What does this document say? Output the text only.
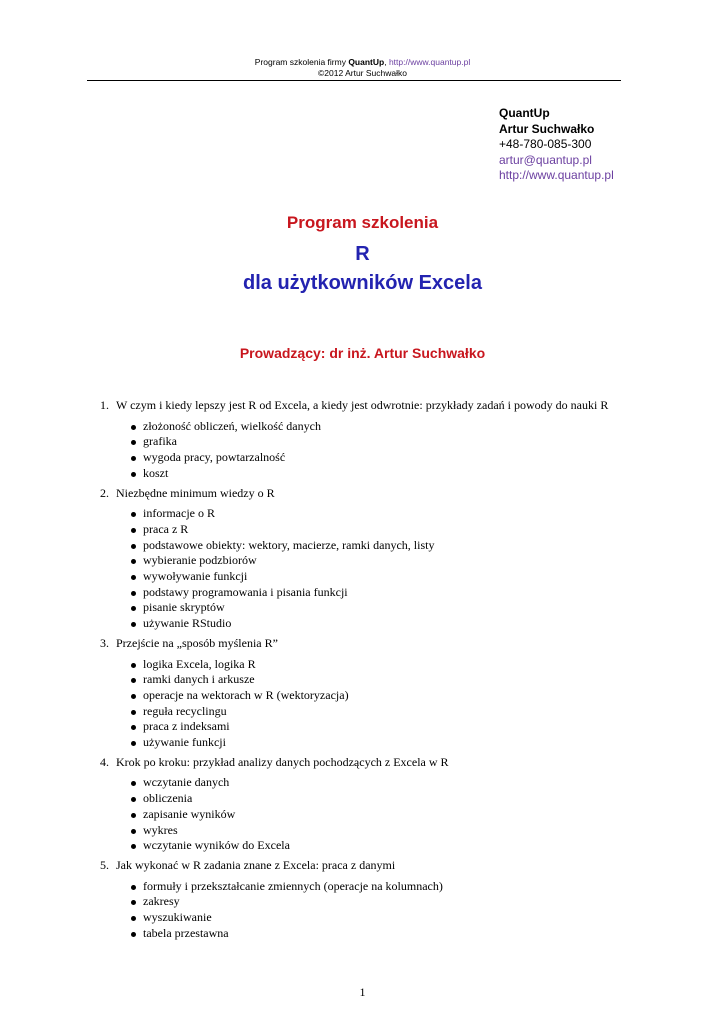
Program szkolenia firmy QuantUp, http://www.quantup.pl
©2012 Artur Suchwałko
QuantUp
Artur Suchwałko
+48-780-085-300
artur@quantup.pl
http://www.quantup.pl
Program szkolenia
R
dla użytkowników Excela
Prowadzący: dr inż. Artur Suchwałko
1. W czym i kiedy lepszy jest R od Excela, a kiedy jest odwrotnie: przykłady zadań i powody do nauki R
złożoność obliczeń, wielkość danych
grafika
wygoda pracy, powtarzalność
koszt
2. Niezbędne minimum wiedzy o R
informacje o R
praca z R
podstawowe obiekty: wektory, macierze, ramki danych, listy
wybieranie podzbiorów
wywoływanie funkcji
podstawy programowania i pisania funkcji
pisanie skryptów
używanie RStudio
3. Przejście na „sposób myślenia R”
logika Excela, logika R
ramki danych i arkusze
operacje na wektorach w R (wektoryzacja)
reguła recyclingu
praca z indeksami
używanie funkcji
4. Krok po kroku: przykład analizy danych pochodzących z Excela w R
wczytanie danych
obliczenia
zapisanie wyników
wykres
wczytanie wyników do Excela
5. Jak wykonać w R zadania znane z Excela: praca z danymi
formuły i przekształcanie zmiennych (operacje na kolumnach)
zakresy
wyszukiwanie
tabela przestawna
1
